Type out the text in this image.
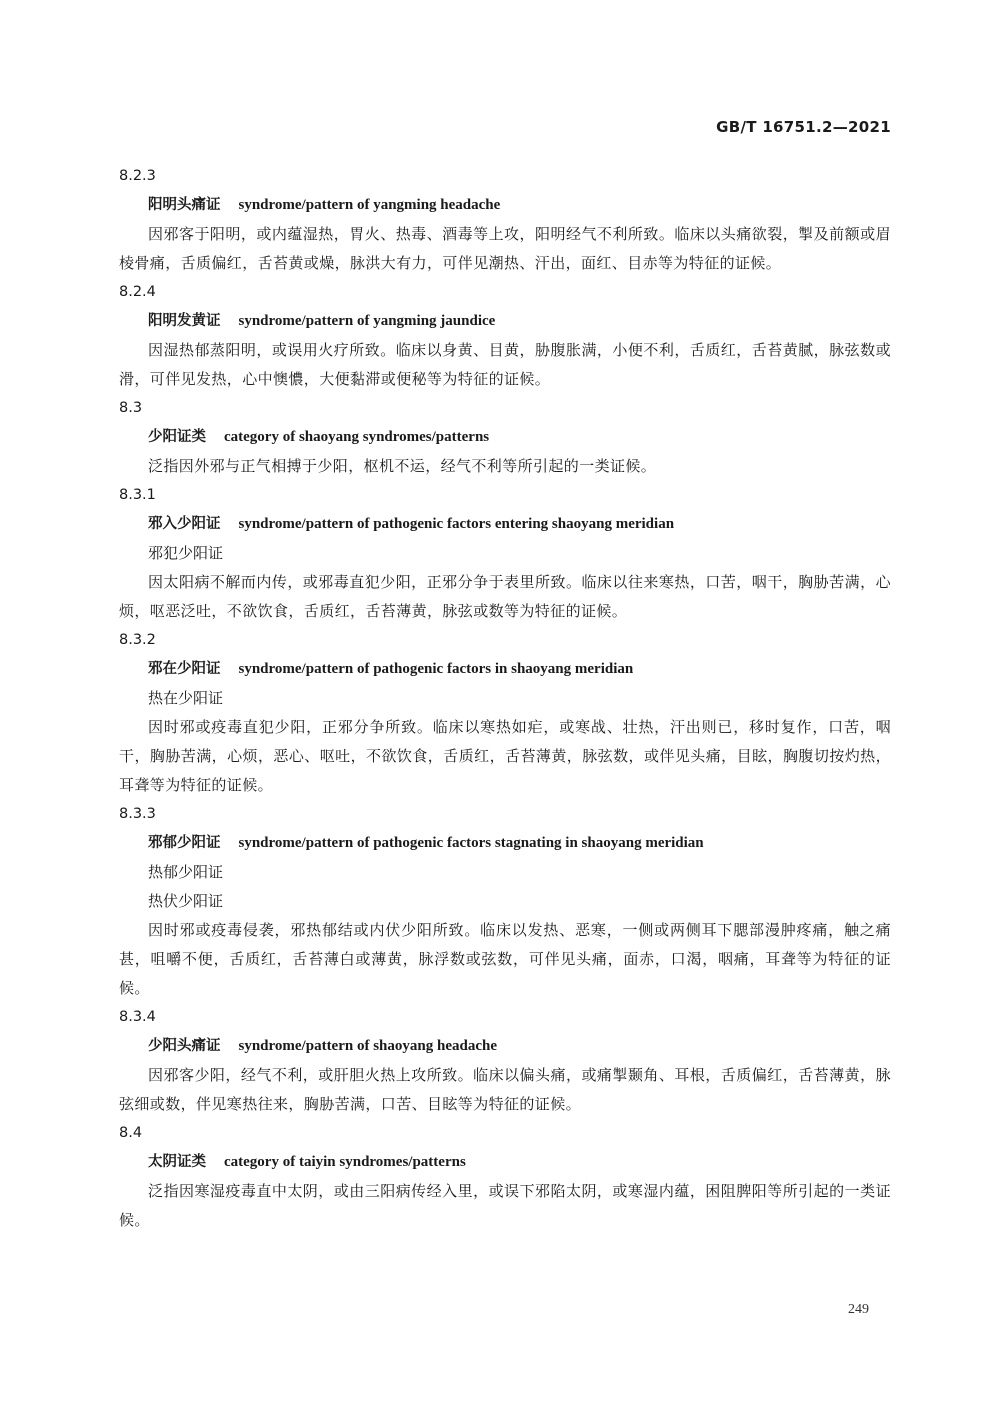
GB/T 16751.2—2021
8.2.3
阳明头痛证 syndrome/pattern of yangming headache
因邪客于阳明，或内蕴湿热，胃火、热毒、酒毒等上攻，阳明经气不利所致。临床以头痛欲裂，掣及前额或眉棱骨痛，舌质偏红，舌苔黄或燥，脉洪大有力，可伴见潮热、汗出，面红、目赤等为特征的证候。
8.2.4
阳明发黄证 syndrome/pattern of yangming jaundice
因湿热郁蒸阳明，或误用火疗所致。临床以身黄、目黄，胁腹胀满，小便不利，舌质红，舌苔黄腻，脉弦数或滑，可伴见发热，心中懊憹，大便黏滞或便秘等为特征的证候。
8.3
少阳证类 category of shaoyang syndromes/patterns
泛指因外邪与正气相搏于少阳，枢机不运，经气不利等所引起的一类证候。
8.3.1
邪入少阳证 syndrome/pattern of pathogenic factors entering shaoyang meridian
邪犯少阳证
因太阳病不解而内传，或邪毒直犯少阳，正邪分争于表里所致。临床以往来寒热，口苦，咽干，胸胁苦满，心烦，呕恶泛吐，不欲饮食，舌质红，舌苔薄黄，脉弦或数等为特征的证候。
8.3.2
邪在少阳证 syndrome/pattern of pathogenic factors in shaoyang meridian
热在少阳证
因时邪或疫毒直犯少阳，正邪分争所致。临床以寒热如疟，或寒战、壮热，汗出则已，移时复作，口苦，咽干，胸胁苦满，心烦，恶心、呕吐，不欲饮食，舌质红，舌苔薄黄，脉弦数，或伴见头痛，目眩，胸腹切按灼热，耳聋等为特征的证候。
8.3.3
邪郁少阳证 syndrome/pattern of pathogenic factors stagnating in shaoyang meridian
热郁少阳证
热伏少阳证
因时邪或疫毒侵袭，邪热郁结或内伏少阳所致。临床以发热、恶寒，一侧或两侧耳下腮部漫肿疼痛，触之痛甚，咀嚼不便，舌质红，舌苔薄白或薄黄，脉浮数或弦数，可伴见头痛，面赤，口渴，咽痛，耳聋等为特征的证候。
8.3.4
少阳头痛证 syndrome/pattern of shaoyang headache
因邪客少阳，经气不利，或肝胆火热上攻所致。临床以偏头痛，或痛掣颞角、耳根，舌质偏红，舌苔薄黄，脉弦细或数，伴见寒热往来，胸胁苦满，口苦、目眩等为特征的证候。
8.4
太阴证类 category of taiyin syndromes/patterns
泛指因寒湿疫毒直中太阴，或由三阳病传经入里，或误下邪陷太阴，或寒湿内蕴，困阻脾阳等所引起的一类证候。
249
